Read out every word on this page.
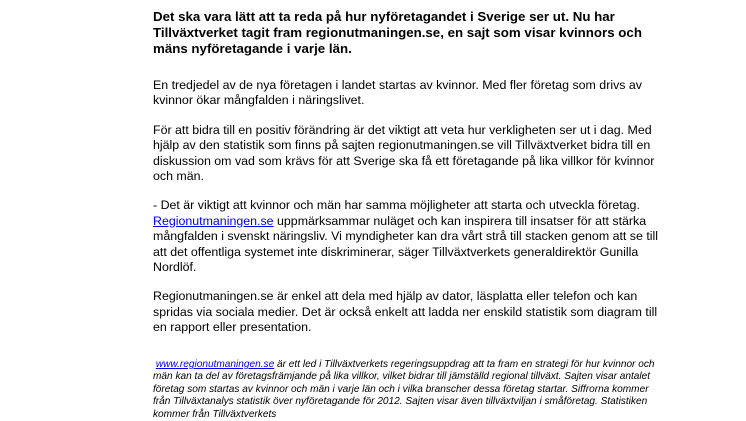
Det ska vara lätt att ta reda på hur nyföretagandet i Sverige ser ut. Nu har Tillväxtverket tagit fram regionutmaningen.se, en sajt som visar kvinnors och mäns nyföretagande i varje län.

En tredjedel av de nya företagen i landet startas av kvinnor. Med fler företag som drivs av kvinnor ökar mångfalden i näringslivet.

För att bidra till en positiv förändring är det viktigt att veta hur verkligheten ser ut i dag. Med hjälp av den statistik som finns på sajten regionutmaningen.se vill Tillväxtverket bidra till en diskussion om vad som krävs för att Sverige ska få ett företagande på lika villkor för kvinnor och män.

- Det är viktigt att kvinnor och män har samma möjligheter att starta och utveckla företag.
Regionutmaningen.se uppmärksammar nuläget och kan inspirera till insatser för att stärka mångfalden i svenskt näringsliv. Vi myndigheter kan dra vårt strå till stacken genom att se till att det offentliga systemet inte diskriminerar, säger Tillväxtverkets generaldirektör Gunilla Nordlöf.

Regionutmaningen.se är enkel att dela med hjälp av dator, läsplatta eller telefon och kan spridas via sociala medier. Det är också enkelt att ladda ner enskild statistik som diagram till en rapport eller presentation.

www.regionutmaningen.se är ett led i Tillväxtverkets regeringsuppdrag att ta fram en strategi för hur kvinnor och män kan ta del av företagsfrämjande på lika villkor, vilket bidrar till jämställd regional tillväxt. Sajten visar antalet företag som startas av kvinnor och män i varje län och i vilka branscher dessa företag startar. Siffrorna kommer från Tillväxtanalys statistik över nyföretagande för 2012. Sajten visar även tillväxtviljan i småföretag. Statistiken kommer från Tillväxtverkets
